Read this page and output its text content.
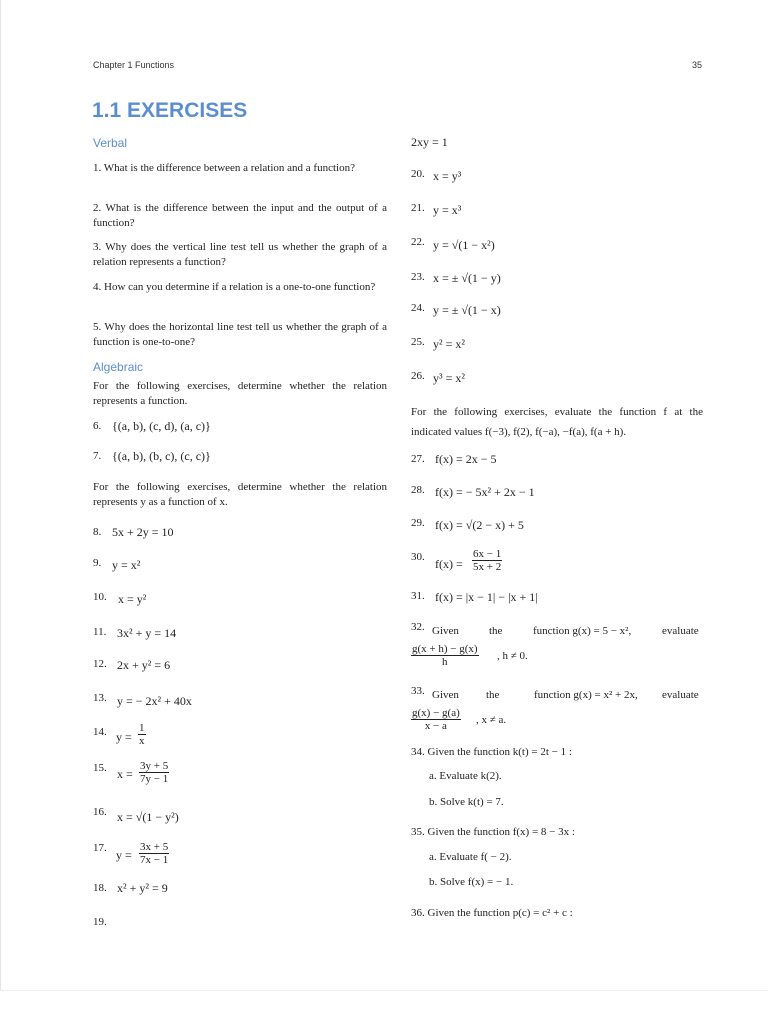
Chapter 1 Functions	35
1.1 EXERCISES
Verbal
1. What is the difference between a relation and a function?
2. What is the difference between the input and the output of a function?
3. Why does the vertical line test tell us whether the graph of a relation represents a function?
4. How can you determine if a relation is a one-to-one function?
5. Why does the horizontal line test tell us whether the graph of a function is one-to-one?
Algebraic
For the following exercises, determine whether the relation represents a function.
6. {(a, b), (c, d), (a, c)}
7. {(a, b), (b, c), (c, c)}
For the following exercises, determine whether the relation represents y as a function of x.
8. 5x + 2y = 10
9. y = x²
10. x = y²
11. 3x² + y = 14
12. 2x + y² = 6
13. y = − 2x² + 40x
14. $y = \frac{1}{x}$
15. $x = \frac{3y + 5}{7y - 1}$
16. x = √(1 − y²)
17. $y = \frac{3x + 5}{7x - 1}$
18. x² + y² = 9
19.
2xy = 1
20. x = y³
21. y = x³
22. y = √(1 − x²)
23. x = ± √(1 − y)
24. y = ± √(1 − x)
25. y² = x²
26. y³ = x²
For the following exercises, evaluate the function f at the indicated values f(−3), f(2), f(−a), −f(a), f(a + h).
27. f(x) = 2x − 5
28. f(x) = − 5x² + 2x − 1
29. f(x) = √(2 − x) + 5
30. $f(x) = \frac{6x - 1}{5x + 2}$
31. f(x) = |x − 1| − |x + 1|
32. Given	the	function g(x) = 5 − x²,	evaluate
$\frac{g(x + h) - g(x)}{h}$ , h ≠ 0.
33. Given the	function g(x) = x² + 2x, evaluate
$\frac{g(x) - g(a)}{x - a}$ , x ≠ a.
34. Given the function k(t) = 2t − 1 :
a. Evaluate k(2).
b. Solve k(t) = 7.
35. Given the function f(x) = 8 − 3x :
a. Evaluate f( − 2).
b. Solve f(x) = − 1.
36. Given the function p(c) = c² + c :
